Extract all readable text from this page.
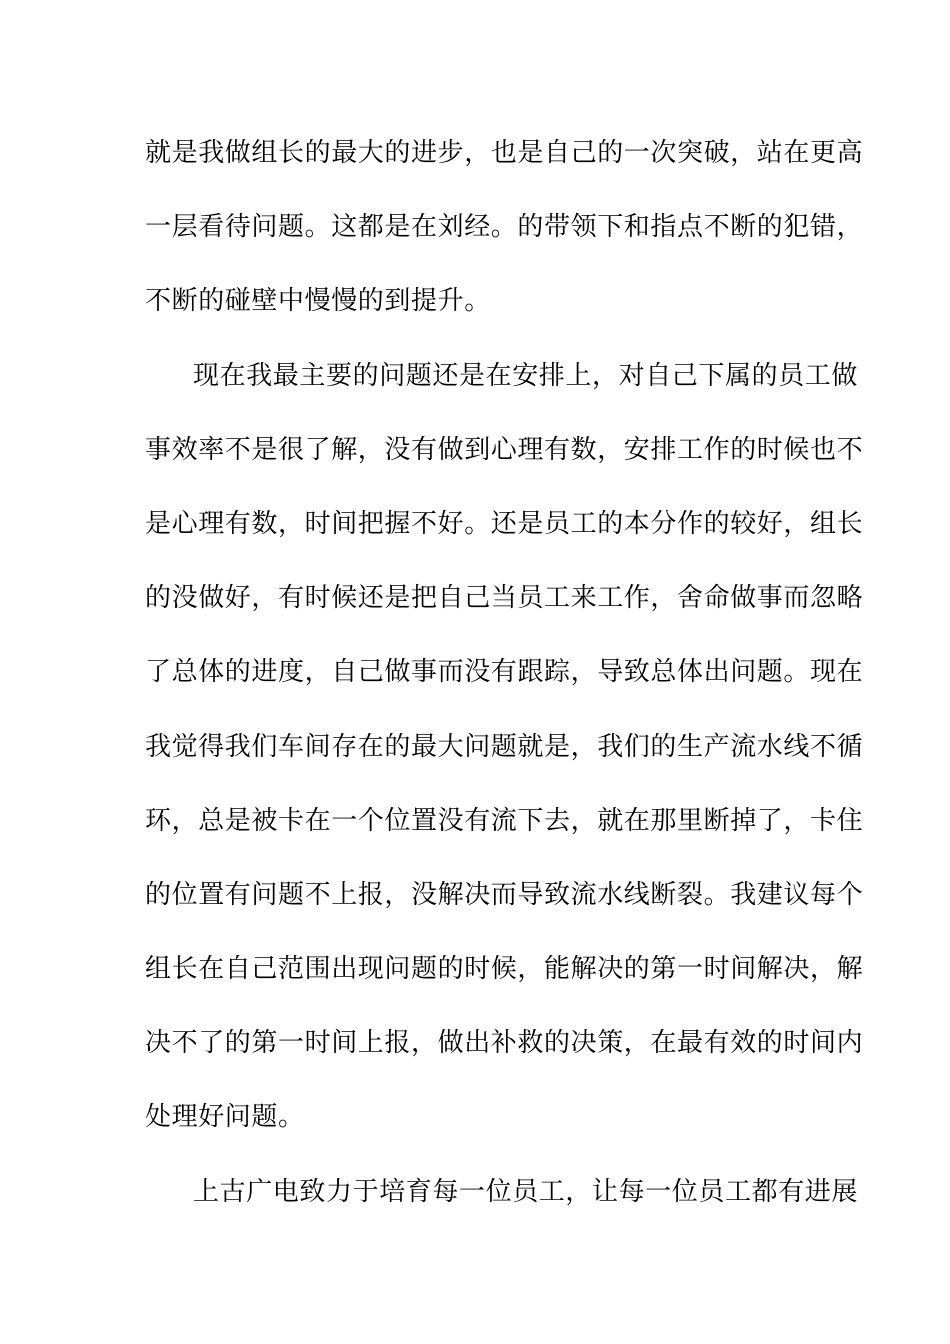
就是我做组长的最大的进步，也是自己的一次突破，站在更高
一层看待问题。这都是在刘经。的带领下和指点不断的犯错，
不断的碰壁中慢慢的到提升。
现在我最主要的问题还是在安排上，对自己下属的员工做
事效率不是很了解，没有做到心理有数，安排工作的时候也不
是心理有数，时间把握不好。还是员工的本分作的较好，组长
的没做好，有时候还是把自己当员工来工作，舍命做事而忽略
了总体的进度，自己做事而没有跟踪，导致总体出问题。现在
我觉得我们车间存在的最大问题就是，我们的生产流水线不循
环，总是被卡在一个位置没有流下去，就在那里断掉了，卡住
的位置有问题不上报，没解决而导致流水线断裂。我建议每个
组长在自己范围出现问题的时候，能解决的第一时间解决，解
决不了的第一时间上报，做出补救的决策，在最有效的时间内
处理好问题。
上古广电致力于培育每一位员工，让每一位员工都有进展
